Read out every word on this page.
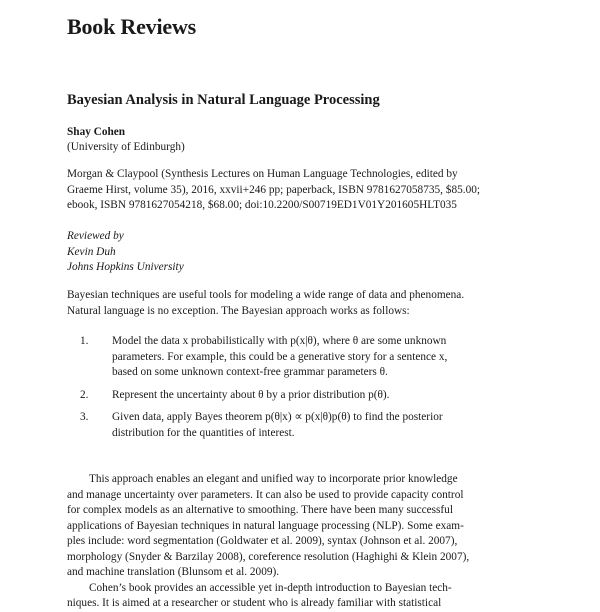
Book Reviews
Bayesian Analysis in Natural Language Processing
Shay Cohen
(University of Edinburgh)
Morgan & Claypool (Synthesis Lectures on Human Language Technologies, edited by
Graeme Hirst, volume 35), 2016, xxvii+246 pp; paperback, ISBN 9781627058735, $85.00;
ebook, ISBN 9781627054218, $68.00; doi:10.2200/S00719ED1V01Y201605HLT035
Reviewed by
Kevin Duh
Johns Hopkins University
Bayesian techniques are useful tools for modeling a wide range of data and phenomena.
Natural language is no exception. The Bayesian approach works as follows:
1. Model the data x probabilistically with p(x|θ), where θ are some unknown
parameters. For example, this could be a generative story for a sentence x,
based on some unknown context-free grammar parameters θ.
2. Represent the uncertainty about θ by a prior distribution p(θ).
3. Given data, apply Bayes theorem p(θ|x) ∝ p(x|θ)p(θ) to find the posterior
distribution for the quantities of interest.
This approach enables an elegant and unified way to incorporate prior knowledge
and manage uncertainty over parameters. It can also be used to provide capacity control
for complex models as an alternative to smoothing. There have been many successful
applications of Bayesian techniques in natural language processing (NLP). Some exam-
ples include: word segmentation (Goldwater et al. 2009), syntax (Johnson et al. 2007),
morphology (Snyder & Barzilay 2008), coreference resolution (Haghighi & Klein 2007),
and machine translation (Blunsom et al. 2009).
Cohen’s book provides an accessible yet in-depth introduction to Bayesian tech-
niques. It is aimed at a researcher or student who is already familiar with statistical
